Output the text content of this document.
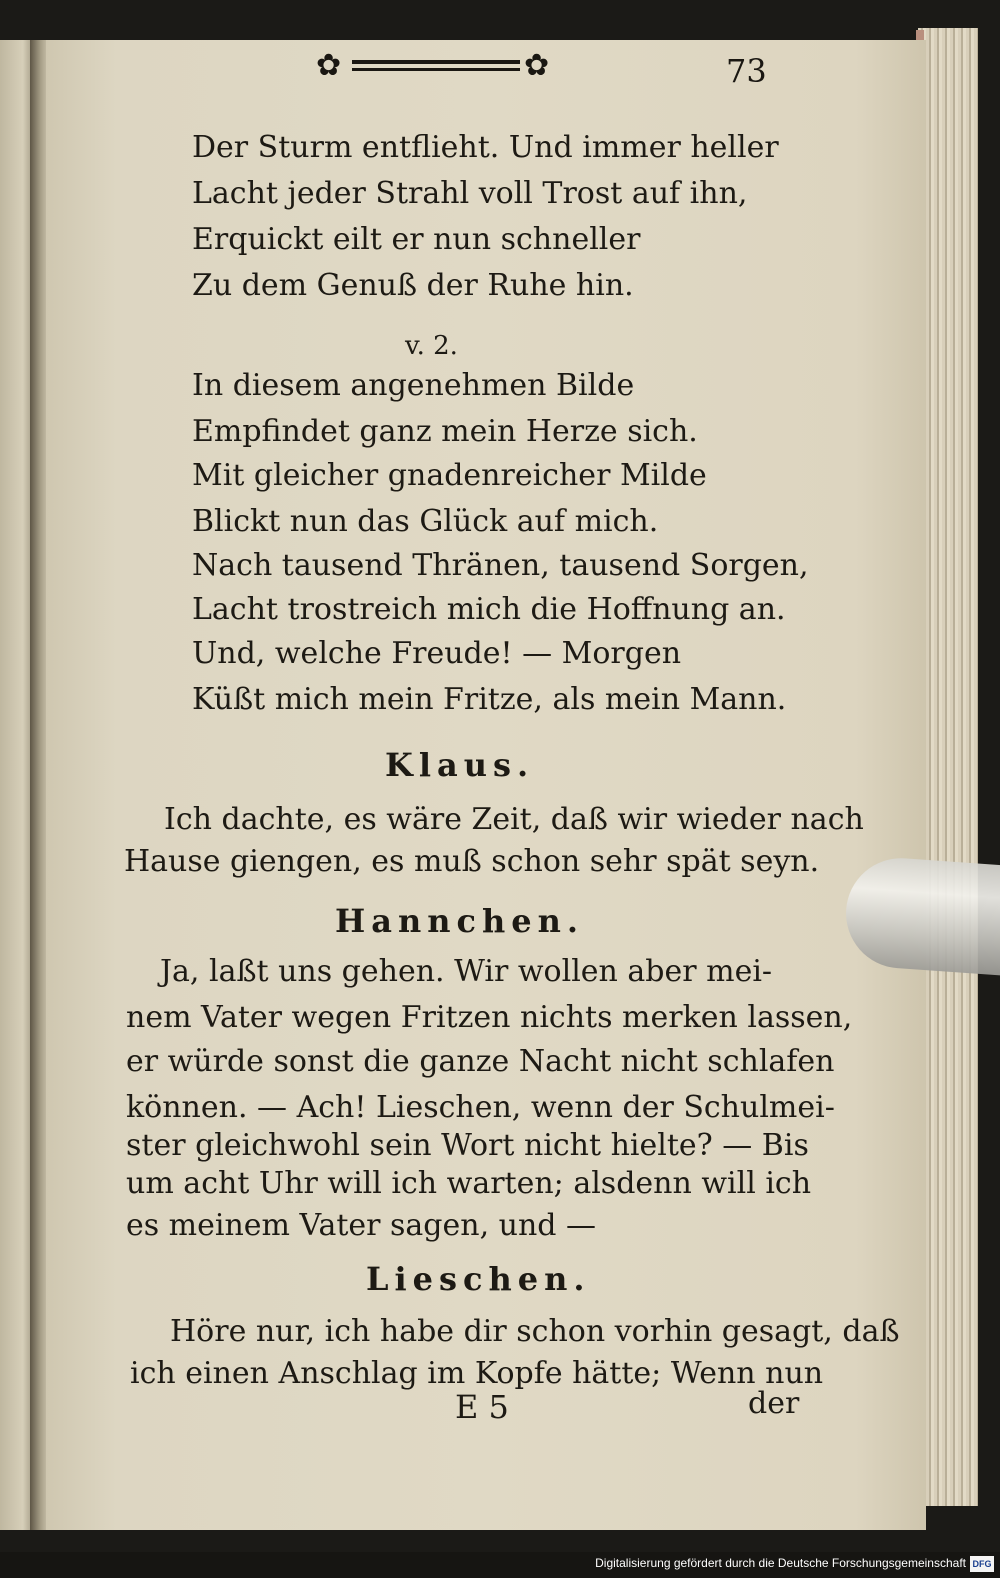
✿	✿	73
Der Sturm entflieht. Und immer heller
Lacht jeder Strahl voll Trost auf ihn,
Erquickt eilt er nun schneller
Zu dem Genuß der Ruhe hin.
v. 2.
In diesem angenehmen Bilde
Empfindet ganz mein Herze sich.
Mit gleicher gnadenreicher Milde
Blickt nun das Glück auf mich.
Nach tausend Thränen, tausend Sorgen,
Lacht trostreich mich die Hoffnung an.
Und, welche Freude! — Morgen
Küßt mich mein Fritze, als mein Mann.
Klaus.
Ich dachte, es wäre Zeit, daß wir wieder nach
Hause giengen, es muß schon sehr spät seyn.
Hannchen.
Ja, laßt uns gehen. Wir wollen aber mei-
nem Vater wegen Fritzen nichts merken lassen,
er würde sonst die ganze Nacht nicht schlafen
können. — Ach! Lieschen, wenn der Schulmei-
ster gleichwohl sein Wort nicht hielte? — Bis
um acht Uhr will ich warten; alsdenn will ich
es meinem Vater sagen, und —
Lieschen.
Höre nur, ich habe dir schon vorhin gesagt, daß
ich einen Anschlag im Kopfe hätte; Wenn nun
E 5	der
Digitalisierung gefördert durch die Deutsche Forschungsgemeinschaft DFG
